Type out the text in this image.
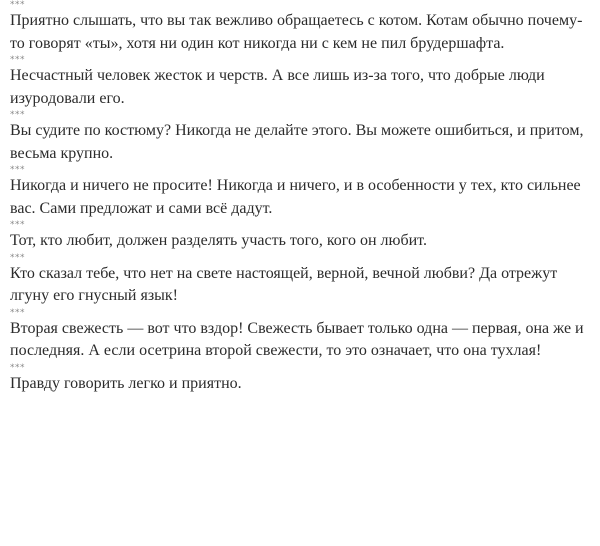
***

Приятно слышать, что вы так вежливо обращаетесь с котом. Котам обычно почему-то говорят «ты», хотя ни один кот никогда ни с кем не пил брудершафта.

***

Несчастный человек жесток и черств. А все лишь из-за того, что добрые люди изуродовали его.

***

Вы судите по костюму? Никогда не делайте этого. Вы можете ошибиться, и притом, весьма крупно.

***

Никогда и ничего не просите! Никогда и ничего, и в особенности у тех, кто сильнее вас. Сами предложат и сами всё дадут.

***

Тот, кто любит, должен разделять участь того, кого он любит.

***

Кто сказал тебе, что нет на свете настоящей, верной, вечной любви? Да отрежут лгуну его гнусный язык!

***

Вторая свежесть — вот что вздор! Свежесть бывает только одна — первая, она же и последняя. А если осетрина второй свежести, то это означает, что она тухлая!

***

Правду говорить легко и приятно.
